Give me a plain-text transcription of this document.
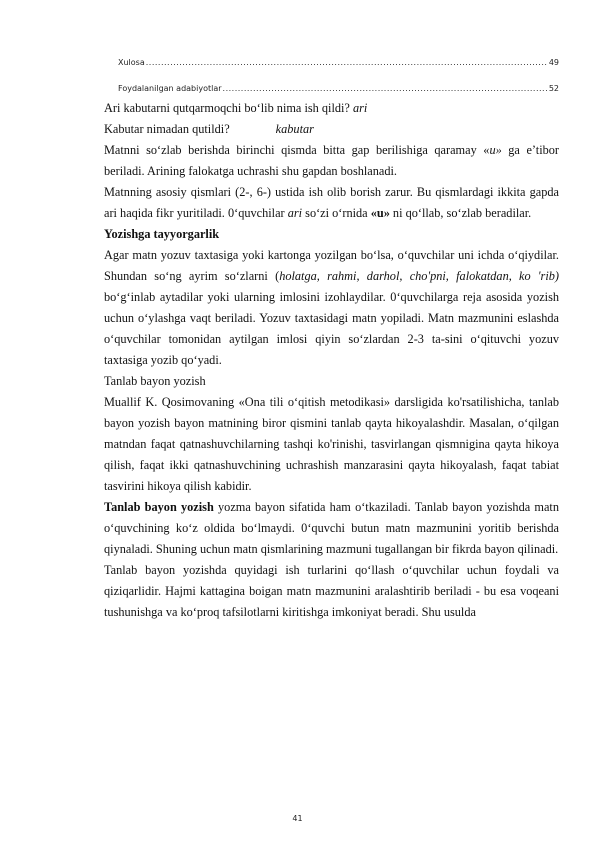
Xulosa .....	49
Foydalanilgan adabiyotlar .....	52

Ari kabutarni qutqarmoqchi bo‘lib nima ish qildi? ari

Kabutar nimadan qutildi?	kabutar

Matnni so‘zlab berishda birinchi qismda bitta gap berilishiga qaramay «u» ga e’tibor beriladi. Arining falokatga uchrashi shu gapdan boshlanadi.

Matnning asosiy qismlari (2-, 6-) ustida ish olib borish zarur. Bu qismlardagi ikkita gapda ari haqida fikr yuritiladi. 0‘quvchilar ari so‘zi o‘rnida «u» ni qo‘llab, so‘zlab beradilar.

Yozishga tayyorgarlik

Agar matn yozuv taxtasiga yoki kartonga yozilgan bo‘lsa, o‘quvchilar uni ichda o‘qiydilar. Shundan so‘ng ayrim so‘zlarni (holatga, rahmi, darhol, cho'pni, falokatdan, ko 'rib) bo‘g‘inlab aytadilar yoki ularning imlosini izohlaydilar. 0‘quvchilarga reja asosida yozish uchun o‘ylashga vaqt beriladi. Yozuv taxtasidagi matn yopiladi. Matn mazmunini eslashda o‘quvchilar tomonidan aytilgan imlosi qiyin so‘zlardan 2-3 ta-sini o‘qituvchi yozuv taxtasiga yozib qo‘yadi.

Tanlab bayon yozish

Muallif K. Qosimovaning «Ona tili o‘qitish metodikasi» darsligida ko'rsatilishicha, tanlab bayon yozish bayon matnining biror qismini tanlab qayta hikoyalashdir. Masalan, o‘qilgan matndan faqat qatnashuvchilarning tashqi ko'rinishi, tasvirlangan qismnigina qayta hikoya qilish, faqat ikki qatnashuvchining uchrashish manzarasini qayta hikoyalash, faqat tabiat tasvirini hikoya qilish kabidir.

Tanlab bayon yozish yozma bayon sifatida ham o‘tkaziladi. Tanlab bayon yozishda matn o‘quvchining ko‘z oldida bo‘lmaydi. 0‘quvchi butun matn mazmunini yoritib berishda qiynaladi. Shuning uchun matn qismlarining mazmuni tugallangan bir fikrda bayon qilinadi.

Tanlab bayon yozishda quyidagi ish turlarini qo‘llash o‘quvchilar uchun foydali va qiziqarlidir. Hajmi kattagina boigan matn mazmunini aralashtirib beriladi - bu esa voqeani tushunishga va ko‘proq tafsilotlarni kiritishga imkoniyat beradi. Shu usulda

41
